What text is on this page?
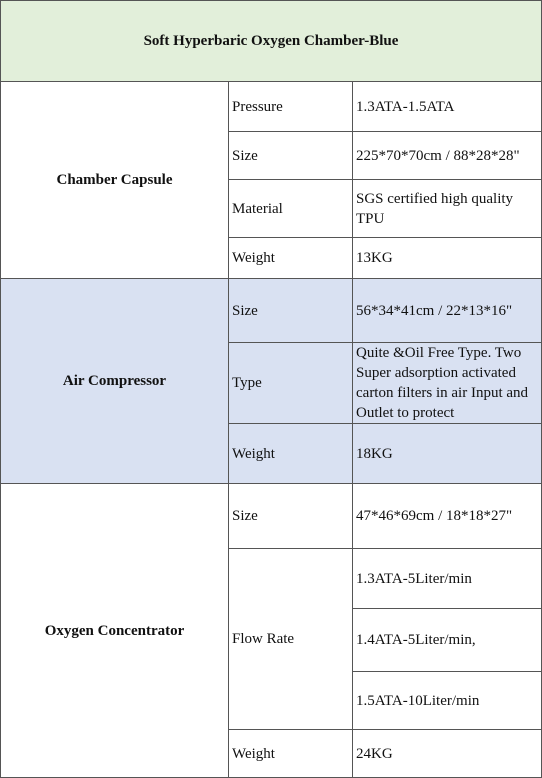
Soft Hyperbaric Oxygen Chamber-Blue		
Chamber Capsule	Pressure	1.3ATA-1.5ATA
	Size	225*70*70cm / 88*28*28"
	Material	SGS certified high quality TPU
	Weight	13KG
Air Compressor	Size	56*34*41cm / 22*13*16"
	Type	Quite &Oil Free Type. Two Super adsorption activated carton filters in air Input and Outlet to protect
	Weight	18KG
Oxygen Concentrator	Size	47*46*69cm / 18*18*27"
	Flow Rate	1.3ATA-5Liter/min
		1.4ATA-5Liter/min,
		1.5ATA-10Liter/min
	Weight	24KG
